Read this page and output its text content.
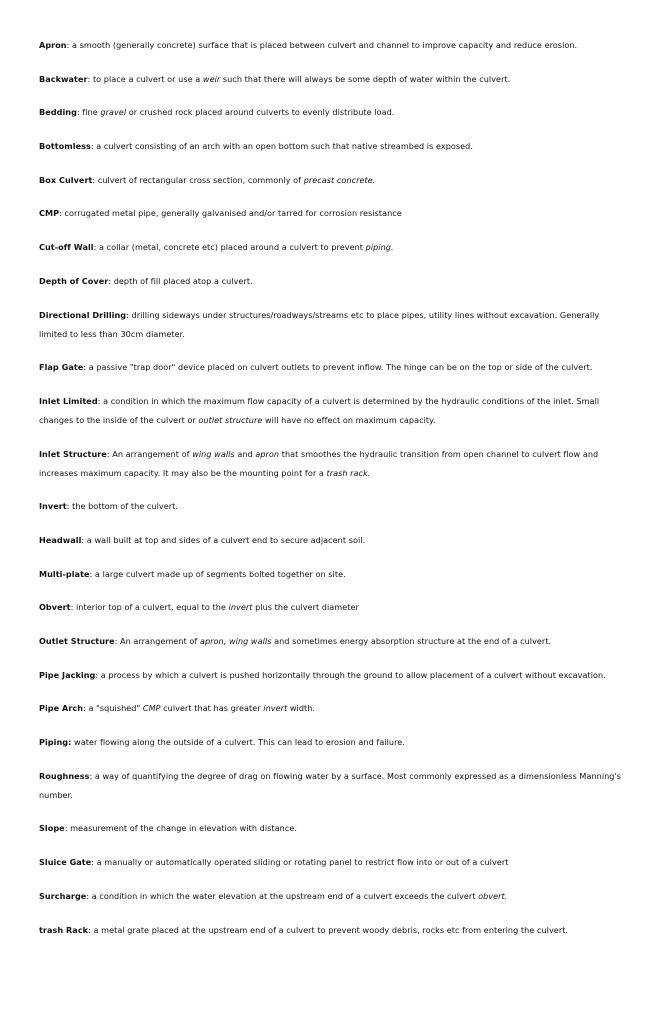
Apron: a smooth (generally concrete) surface that is placed between culvert and channel to improve capacity and reduce erosion.

Backwater: to place a culvert or use a weir such that there will always be some depth of water within the culvert.

Bedding: fine gravel or crushed rock placed around culverts to evenly distribute load.

Bottomless: a culvert consisting of an arch with an open bottom such that native streambed is exposed.

Box Culvert: culvert of rectangular cross section, commonly of precast concrete.

CMP: corrugated metal pipe, generally galvanised and/or tarred for corrosion resistance

Cut-off Wall: a collar (metal, concrete etc) placed around a culvert to prevent piping.

Depth of Cover: depth of fill placed atop a culvert.

Directional Drilling: drilling sideways under structures/roadways/streams etc to place pipes, utility lines without excavation. Generally limited to less than 30cm diameter.

Flap Gate: a passive "trap door" device placed on culvert outlets to prevent inflow. The hinge can be on the top or side of the culvert.

Inlet Limited: a condition in which the maximum flow capacity of a culvert is determined by the hydraulic conditions of the inlet. Small changes to the inside of the culvert or outlet structure will have no effect on maximum capacity.

Inlet Structure: An arrangement of wing walls and apron that smoothes the hydraulic transition from open channel to culvert flow and increases maximum capacity. It may also be the mounting point for a trash rack.

Invert: the bottom of the culvert.

Headwall: a wall built at top and sides of a culvert end to secure adjacent soil.

Multi-plate: a large culvert made up of segments bolted together on site.

Obvert: interior top of a culvert, equal to the invert plus the culvert diameter

Outlet Structure: An arrangement of apron, wing walls and sometimes energy absorption structure at the end of a culvert.

Pipe Jacking: a process by which a culvert is pushed horizontally through the ground to allow placement of a culvert without excavation.

Pipe Arch: a "squished" CMP culvert that has greater invert width.

Piping: water flowing along the outside of a culvert. This can lead to erosion and failure.

Roughness: a way of quantifying the degree of drag on flowing water by a surface. Most commonly expressed as a dimensionless Manning's number.

Slope: measurement of the change in elevation with distance.

Sluice Gate: a manually or automatically operated sliding or rotating panel to restrict flow into or out of a culvert

Surcharge: a condition in which the water elevation at the upstream end of a culvert exceeds the culvert obvert.

trash Rack: a metal grate placed at the upstream end of a culvert to prevent woody debris, rocks etc from entering the culvert.
